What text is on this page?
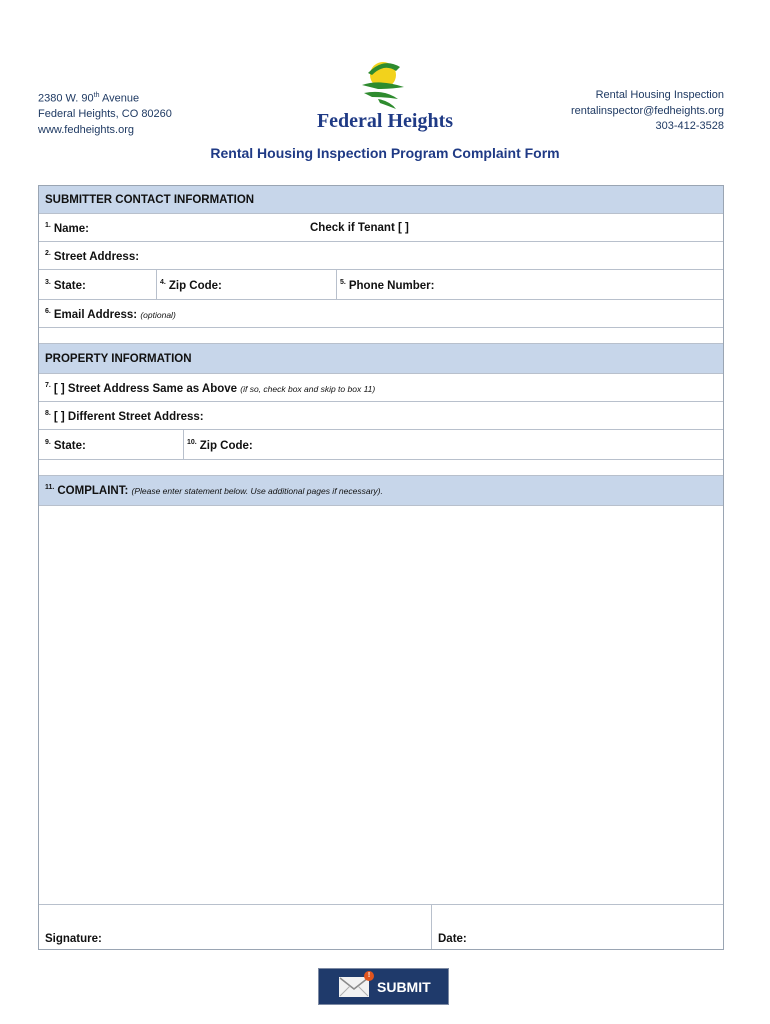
2380 W. 90th Avenue
Federal Heights, CO 80260
www.fedheights.org	Federal Heights
Rental Housing Inspection
rentalinspector@fedheights.org
303-412-3528
Rental Housing Inspection Program Complaint Form
SUBMITTER CONTACT INFORMATION
$^{1.}$ Name:	Check if Tenant [ ]
$^{2.}$ Street Address:
$^{3.}$ State:	$^{4.}$ Zip Code:	$^{5.}$ Phone Number:
$^{6.}$ Email Address: (optional)
PROPERTY INFORMATION
$^{7.}$ [ ] Street Address Same as Above (if so, check box and skip to box 11)
$^{8.}$ [ ] Different Street Address:
$^{9.}$ State:	$^{10.}$ Zip Code:
$^{11.}$ COMPLAINT: (Please enter statement below. Use additional pages if necessary).
Signature:	Date:
!
SUBMIT
